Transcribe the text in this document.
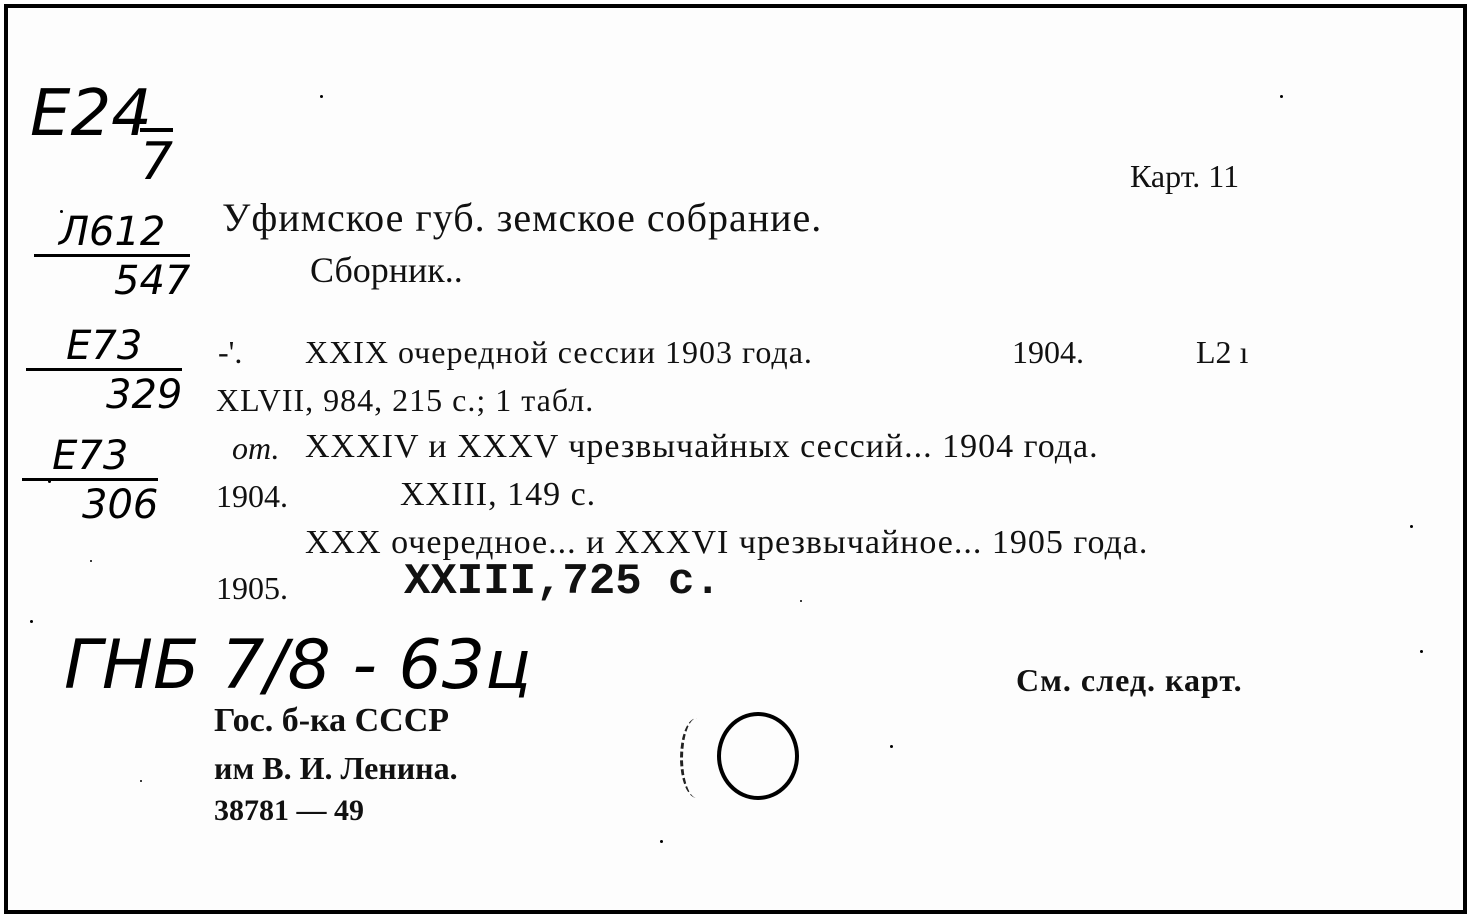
E24
7
Л612
547
$\frac{E73}{329}$
$\frac{E73}{306}$
ГНБ 7/8 - 63ц
Карт. 11
Уфимское губ. земское собрание.
Сборник..
-'. XXIX очередной сессии 1903 года.	1904.	L2 ı
XLVII, 984, 215 с.; 1 табл.
от. XXXIV и XXXV чрезвычайных сессий... 1904 года.
1904.	XXIII, 149 с.
XXX очередное... и XXXVI чрезвычайное... 1905 года.
1905.	XXIII,725 с.
См. след. карт.
Гос. б-ка СССР
им В. И. Ленина.
38781 — 49
